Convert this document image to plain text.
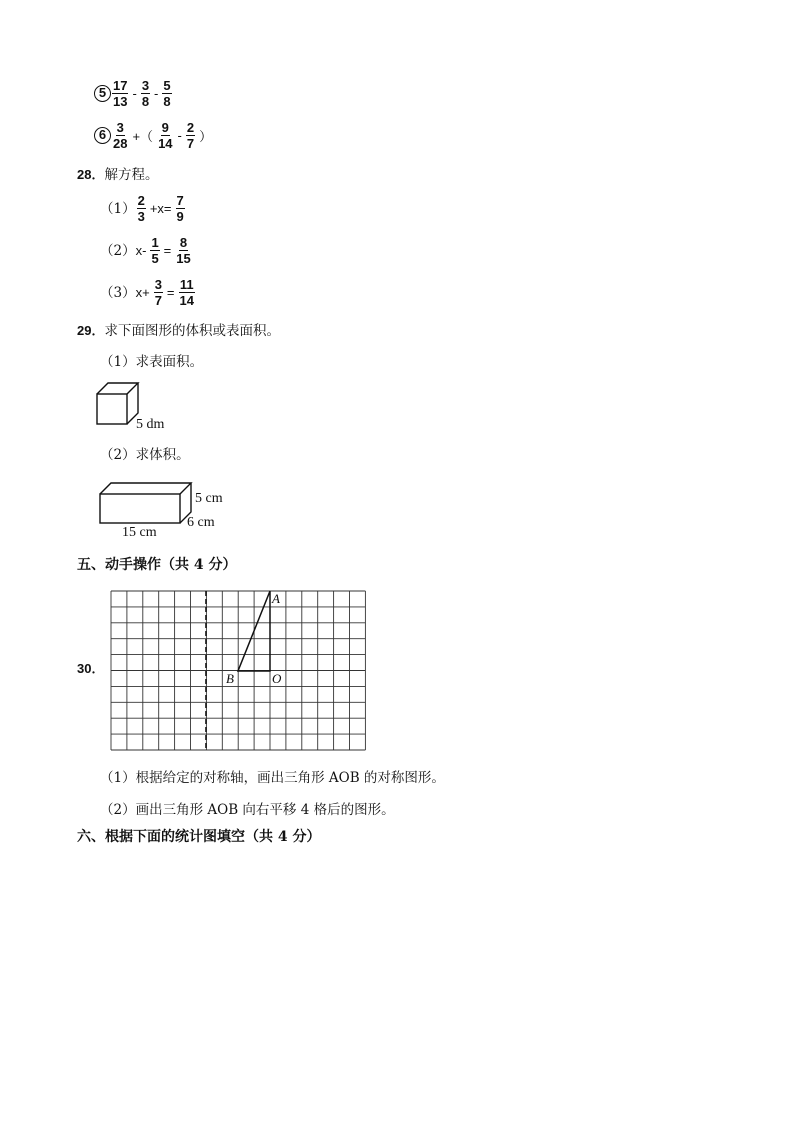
$5 \frac{17}{13} - \frac{3}{8} - \frac{5}{8}$
$6 \frac{3}{28}$ +（ $\frac{9}{14} - \frac{2}{7}$ ）
28．解方程。
$(1) \frac{2}{3} +x= \frac{7}{9}$
（2） $x- \frac{1}{5} = \frac{8}{15}$
（3） $x+ \frac{3}{7} = \frac{11}{14}$
29．求下面图形的体积或表面积。
（1）求表面积。
5 dm
（2）求体积。
5 cm
6 cm
15 cm
五、动手操作（共 4 分）
30．
A
B	O
（1）根据给定的对称轴，画出三角形 AOB 的对称图形。
（2）画出三角形 AOB 向右平移 4 格后的图形。
六、根据下面的统计图填空（共 4 分）
